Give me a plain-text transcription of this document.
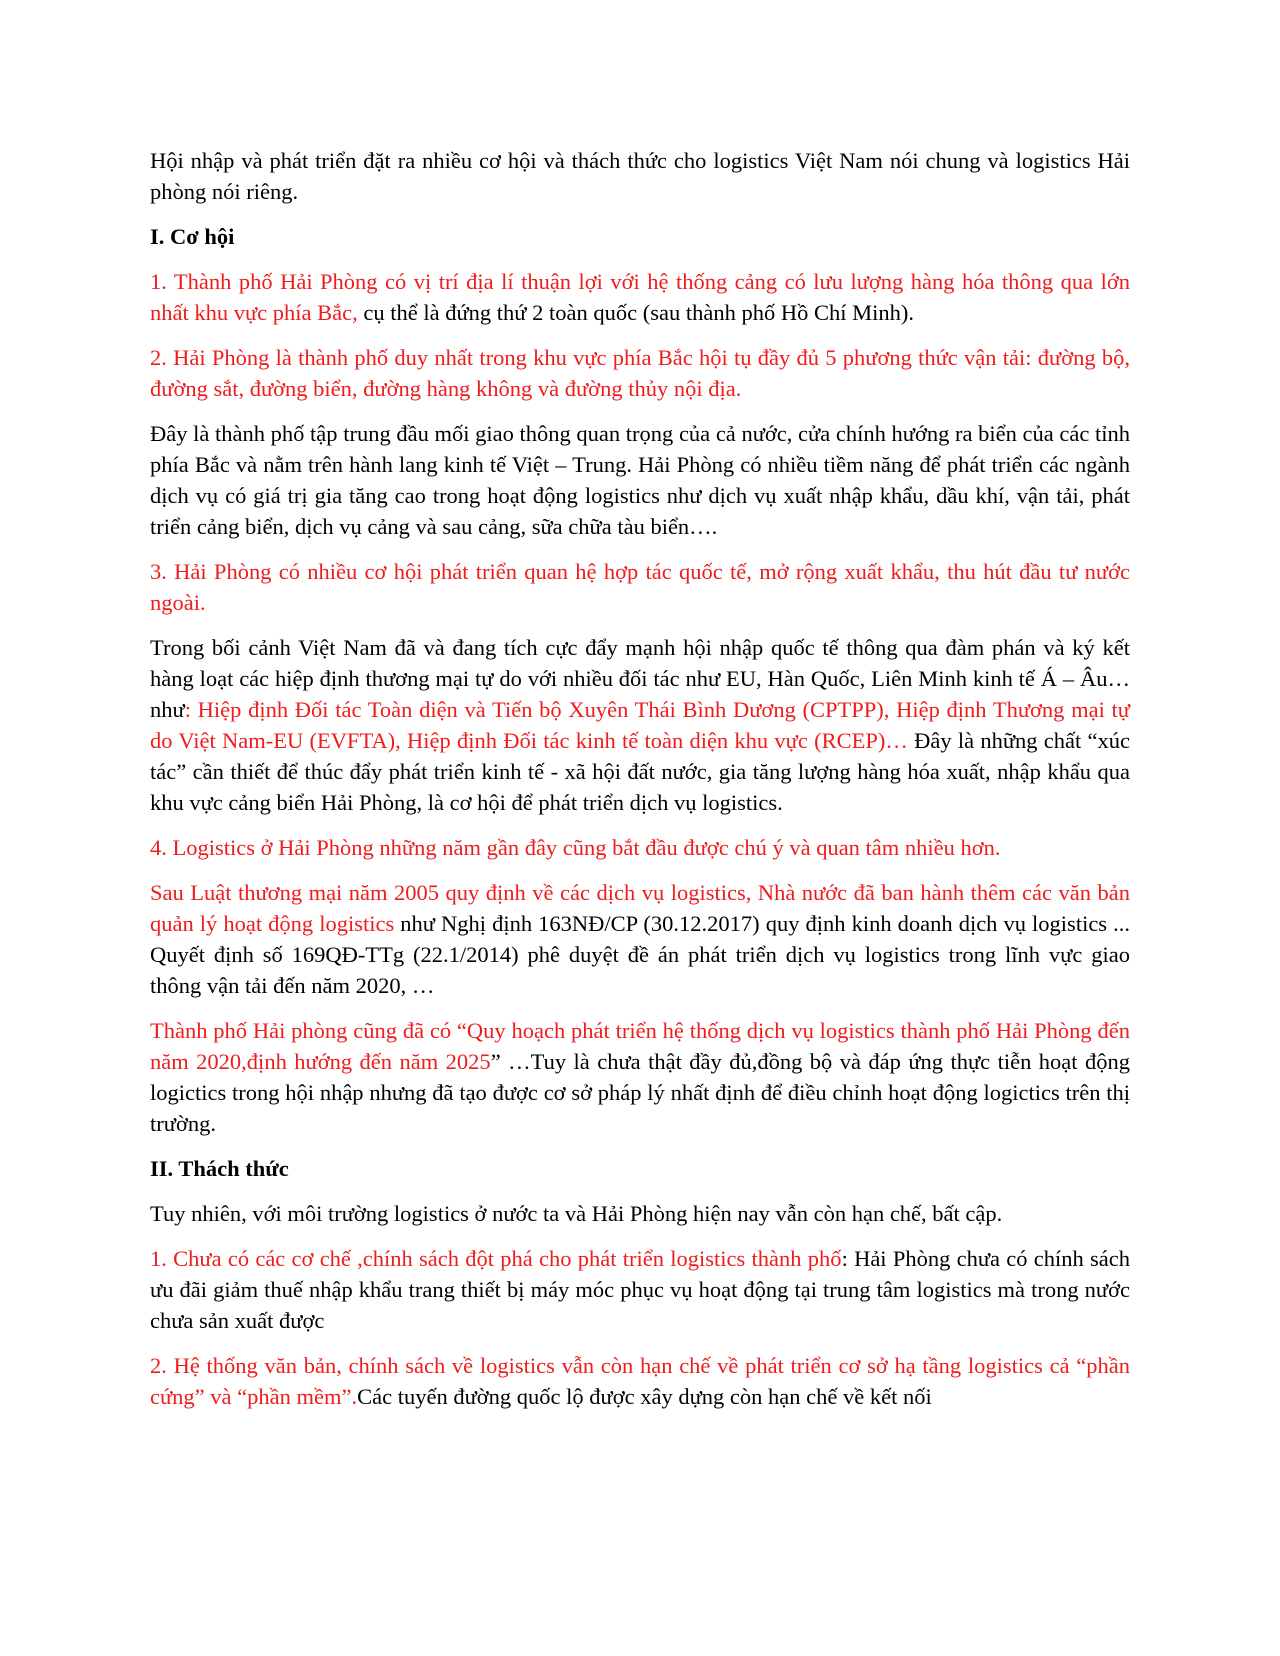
Hội nhập và phát triển đặt ra nhiều cơ hội và thách thức cho logistics Việt Nam nói chung và logistics Hải phòng nói riêng.

I. Cơ hội

1. Thành phố Hải Phòng có vị trí địa lí thuận lợi với hệ thống cảng có lưu lượng hàng hóa thông qua lớn nhất khu vực phía Bắc, cụ thể là đứng thứ 2 toàn quốc (sau thành phố Hồ Chí Minh).

2. Hải Phòng là thành phố duy nhất trong khu vực phía Bắc hội tụ đầy đủ 5 phương thức vận tải: đường bộ, đường sắt, đường biển, đường hàng không và đường thủy nội địa.

Đây là thành phố tập trung đầu mối giao thông quan trọng của cả nước, cửa chính hướng ra biển của các tỉnh phía Bắc và nằm trên hành lang kinh tế Việt – Trung. Hải Phòng có nhiều tiềm năng để phát triển các ngành dịch vụ có giá trị gia tăng cao trong hoạt động logistics như dịch vụ xuất nhập khẩu, dầu khí, vận tải, phát triển cảng biển, dịch vụ cảng và sau cảng, sữa chữa tàu biển….

3. Hải Phòng có nhiều cơ hội phát triển quan hệ hợp tác quốc tế, mở rộng xuất khẩu, thu hút đầu tư nước ngoài.

Trong bối cảnh Việt Nam đã và đang tích cực đẩy mạnh hội nhập quốc tế thông qua đàm phán và ký kết hàng loạt các hiệp định thương mại tự do với nhiều đối tác như EU, Hàn Quốc, Liên Minh kinh tế Á – Âu… như: Hiệp định Đối tác Toàn diện và Tiến bộ Xuyên Thái Bình Dương (CPTPP), Hiệp định Thương mại tự do Việt Nam-EU (EVFTA), Hiệp định Đối tác kinh tế toàn diện khu vực (RCEP)… Đây là những chất “xúc tác” cần thiết để thúc đẩy phát triển kinh tế - xã hội đất nước, gia tăng lượng hàng hóa xuất, nhập khẩu qua khu vực cảng biển Hải Phòng, là cơ hội để phát triển dịch vụ logistics.

4. Logistics ở Hải Phòng những năm gần đây cũng bắt đầu được chú ý và quan tâm nhiều hơn.

Sau Luật thương mại năm 2005 quy định về các dịch vụ logistics, Nhà nước đã ban hành thêm các văn bản quản lý hoạt động logistics như Nghị định 163NĐ/CP (30.12.2017) quy định kinh doanh dịch vụ logistics ... Quyết định số 169QĐ-TTg (22.1/2014) phê duyệt đề án phát triển dịch vụ logistics trong lĩnh vực giao thông vận tải đến năm 2020, …

Thành phố Hải phòng cũng đã có “Quy hoạch phát triển hệ thống dịch vụ logistics thành phố Hải Phòng đến năm 2020,định hướng đến năm 2025” …Tuy là chưa thật đầy đủ,đồng bộ và đáp ứng thực tiễn hoạt động logictics trong hội nhập nhưng đã tạo được cơ sở pháp lý nhất định để điều chỉnh hoạt động logictics trên thị trường.

II. Thách thức

Tuy nhiên, với môi trường logistics ở nước ta và Hải Phòng hiện nay vẫn còn hạn chế, bất cập.

1. Chưa có các cơ chế ,chính sách đột phá cho phát triển logistics thành phố: Hải Phòng chưa có chính sách ưu đãi giảm thuế nhập khẩu trang thiết bị máy móc phục vụ hoạt động tại trung tâm logistics mà trong nước chưa sản xuất được

2. Hệ thống văn bản, chính sách về logistics vẫn còn hạn chế về phát triển cơ sở hạ tầng logistics cả “phần cứng” và “phần mềm”.Các tuyến đường quốc lộ được xây dựng còn hạn chế về kết nối
